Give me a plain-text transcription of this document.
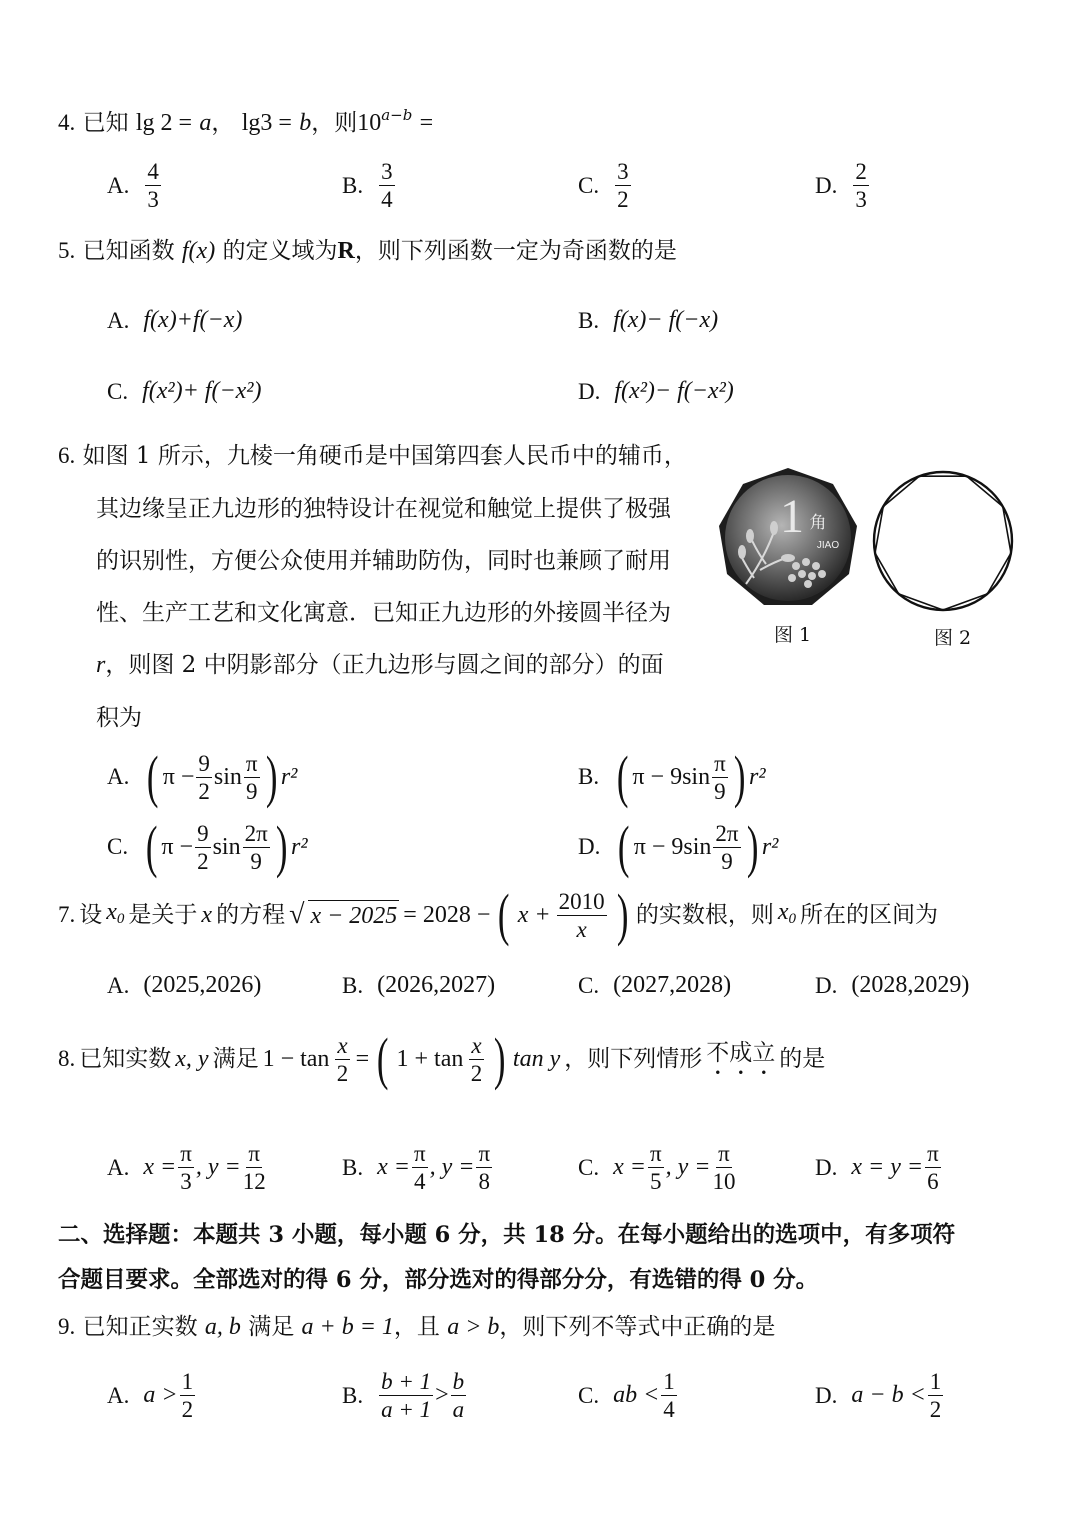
4. 已知 lg 2 = a， lg3 = b，则$10^{a-b}$ =
A. $\frac{4}{3}$	B. $\frac{3}{4}$	C. $\frac{3}{2}$	D. $\frac{2}{3}$
5. 已知函数 f(x) 的定义域为R，则下列函数一定为奇函数的是
A. f(x)+f(−x)	B. f(x)− f(−x)
C. f(x²)+ f(−x²)	D. f(x²)− f(−x²)
6. 如图 1 所示，九棱一角硬币是中国第四套人民币中的辅币，
其边缘呈正九边形的独特设计在视觉和触觉上提供了极强
的识别性，方便公众使用并辅助防伪，同时也兼顾了耐用
性、生产工艺和文化寓意．已知正九边形的外接圆半径为
r，则图 2 中阴影部分（正九边形与圆之间的部分）的面
积为
1 角
JIAO
图 1	图 2
A. ( $\pi - \frac{9}{2}$ $\sin \frac{\pi}{9}$ ) r²	B. ( $\pi - 9\sin \frac{\pi}{9}$ ) r²
C. ( $\pi - \frac{9}{2}$ $\sin \frac{2\pi}{9}$ ) r²	D. ( $\pi - 9\sin \frac{2\pi}{9}$ ) r²
7. 设 $x_0$ 是关于 x 的方程 √ x − 2025 = 2028 − ( $x + \frac{2010}{x}$ ) 的实数根，则 $x_0$ 所在的区间为
A. (2025,2026)	B. (2026,2027)	C. (2027,2028)	D. (2028,2029)
8. 已知实数 x, y 满足 $1 - \tan \frac{x}{2}$ = ( $1 + \tan \frac{x}{2}$ ) tan y ，则下列情形 不成立 的是
A. $x = \frac{\pi}{3}$ , $y = \frac{\pi}{12}$	B. $x = \frac{\pi}{4}$ , $y = \frac{\pi}{8}$	C. $x = \frac{\pi}{5}$ , $y = \frac{\pi}{10}$	D. $x = y = \frac{\pi}{6}$
二、选择题：本题共 3 小题，每小题 6 分，共 18 分。在每小题给出的选项中，有多项符
合题目要求。全部选对的得 6 分，部分选对的得部分分，有选错的得 0 分。
9. 已知正实数 a, b 满足 a + b = 1，且 a > b，则下列不等式中正确的是
A. $a > \frac{1}{2}$	B. $\frac{b + 1}{a + 1} > \frac{b}{a}$	C. ab < $\frac{1}{4}$	D. $a - b < \frac{1}{2}$
